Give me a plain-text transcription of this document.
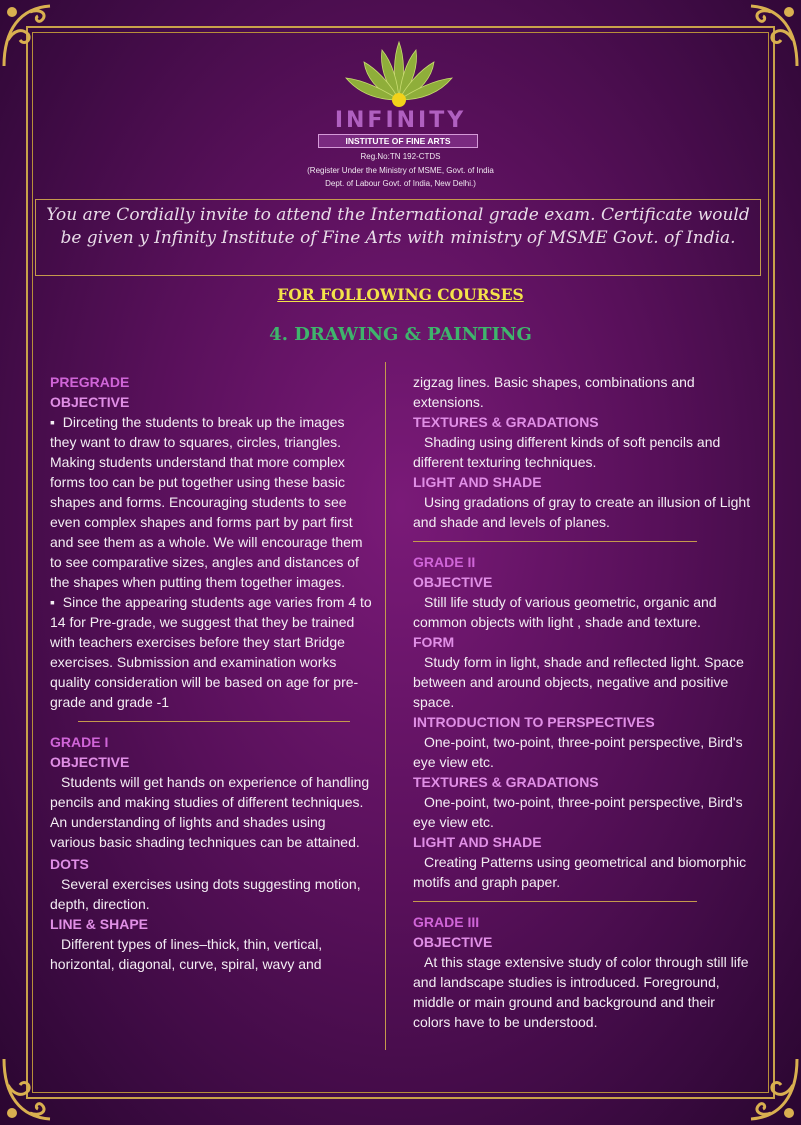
INFINITY
INSTITUTE OF FINE ARTS
Reg.No:TN 192-CTDS
(Register Under the Ministry of MSME, Govt. of India
Dept. of Labour Govt. of India, New Delhi.)
You are Cordially invite to attend the International grade exam. Certificate would be given y Infinity Institute of Fine Arts with ministry of MSME Govt. of India.
FOR FOLLOWING COURSES
4. DRAWING & PAINTING
PREGRADE
OBJECTIVE
▪  Dirceting the students to break up the images they want to draw to squares, circles, triangles. Making students understand that more complex forms too can be put together using these basic shapes and forms. Encouraging students to see even complex shapes and forms part by part first and see them as a whole. We will encourage them to see comparative sizes, angles and distances of the shapes when putting them together images.
▪  Since the appearing students age varies from 4 to 14 for Pre-grade, we suggest that they be trained with teachers exercises before they start Bridge exercises. Submission and examination works quality consideration will be based on age for pre-grade and grade -1
GRADE I
OBJECTIVE
Students will get hands on experience of handling pencils and making studies of different techniques. An understanding of lights and shades using various basic shading techniques can be attained.
DOTS
Several exercises using dots suggesting motion, depth, direction.
LINE & SHAPE
Different types of lines–thick, thin, vertical, horizontal, diagonal, curve, spiral, wavy and
zigzag lines. Basic shapes, combinations and extensions.
TEXTURES & GRADATIONS
Shading using different kinds of soft pencils and different texturing techniques.
LIGHT AND SHADE
Using gradations of gray to create an illusion of Light and shade and levels of planes.
GRADE II
OBJECTIVE
Still life study of various geometric, organic and common objects with light , shade and texture.
FORM
Study form in light, shade and reflected light. Space between and around objects, negative and positive space.
INTRODUCTION TO PERSPECTIVES
One-point, two-point, three-point perspective, Bird's eye view etc.
TEXTURES & GRADATIONS
One-point, two-point, three-point perspective, Bird's eye view etc.
LIGHT AND SHADE
Creating Patterns using geometrical and biomorphic motifs and graph paper.
GRADE III
OBJECTIVE
At this stage extensive study of color through still life and landscape studies is introduced. Foreground, middle or main ground and background and their colors have to be understood.
